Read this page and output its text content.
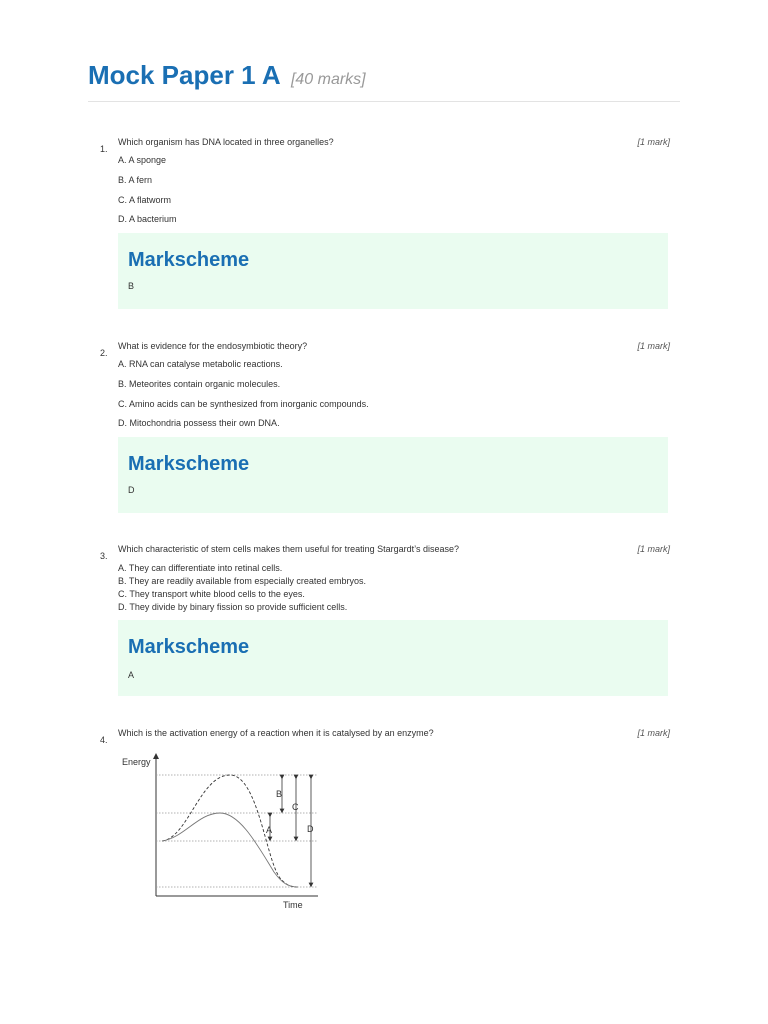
Mock Paper 1 A [40 marks]
1.
Which organism has DNA located in three organelles?	[1 mark]
A. A sponge
B. A fern
C. A flatworm
D. A bacterium
Markscheme
B
2.
What is evidence for the endosymbiotic theory?	[1 mark]
A. RNA can catalyse metabolic reactions.
B. Meteorites contain organic molecules.
C. Amino acids can be synthesized from inorganic compounds.
D. Mitochondria possess their own DNA.
Markscheme
D
3.
Which characteristic of stem cells makes them useful for treating Stargardt’s disease?	[1 mark]
A. They can differentiate into retinal cells.
B. They are readily available from especially created embryos.
C. They transport white blood cells to the eyes.
D. They divide by binary fission so provide sufficient cells.
Markscheme
A
4.
Which is the activation energy of a reaction when it is catalysed by an enzyme?	[1 mark]
Energy
Time
B
C
A	D
